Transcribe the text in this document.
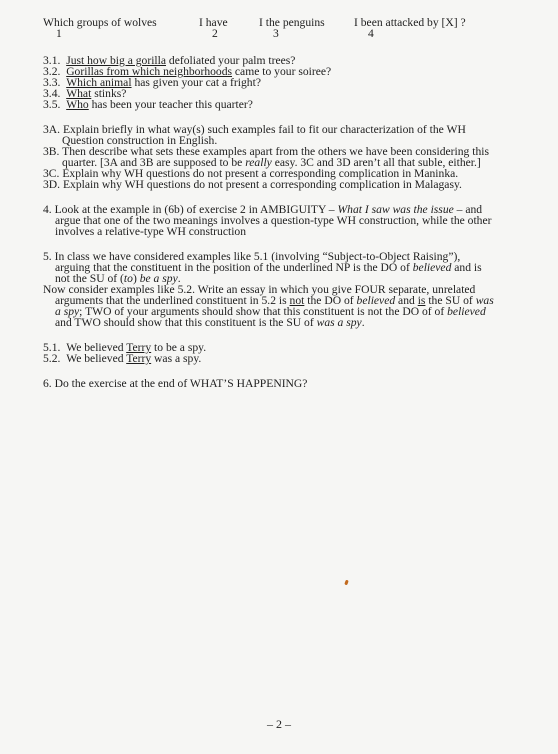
Which groups of wolves
1
I have
2
I the penguins
3
I been attacked by [X] ?
4
3.1. Just how big a gorilla defoliated your palm trees?
3.2. Gorillas from which neighborhoods came to your soiree?
3.3. Which animal has given your cat a fright?
3.4. What stinks?
3.5. Who has been your teacher this quarter?
3A. Explain briefly in what way(s) such examples fail to fit our characterization of the WH
Question construction in English.
3B. Then describe what sets these examples apart from the others we have been considering this
quarter. [3A and 3B are supposed to be really easy. 3C and 3D aren’t all that suble, either.]
3C. Explain why WH questions do not present a corresponding complication in Maninka.
3D. Explain why WH questions do not present a corresponding complication in Malagasy.
4. Look at the example in (6b) of exercise 2 in AMBIGUITY – What I saw was the issue – and
argue that one of the two meanings involves a question-type WH construction, while the other
involves a relative-type WH construction
5. In class we have considered examples like 5.1 (involving “Subject-to-Object Raising”),
arguing that the constituent in the position of the underlined NP is the DO of believed and is
not the SU of (to) be a spy.
Now consider examples like 5.2. Write an essay in which you give FOUR separate, unrelated
arguments that the underlined constituent in 5.2 is not the DO of believed and is the SU of was
a spy; TWO of your arguments should show that this constituent is not the DO of of believed
and TWO should show that this constituent is the SU of was a spy.
5.1. We believed Terry to be a spy.
5.2. We believed Terry was a spy.
6. Do the exercise at the end of WHAT’S HAPPENING?
– 2 –
